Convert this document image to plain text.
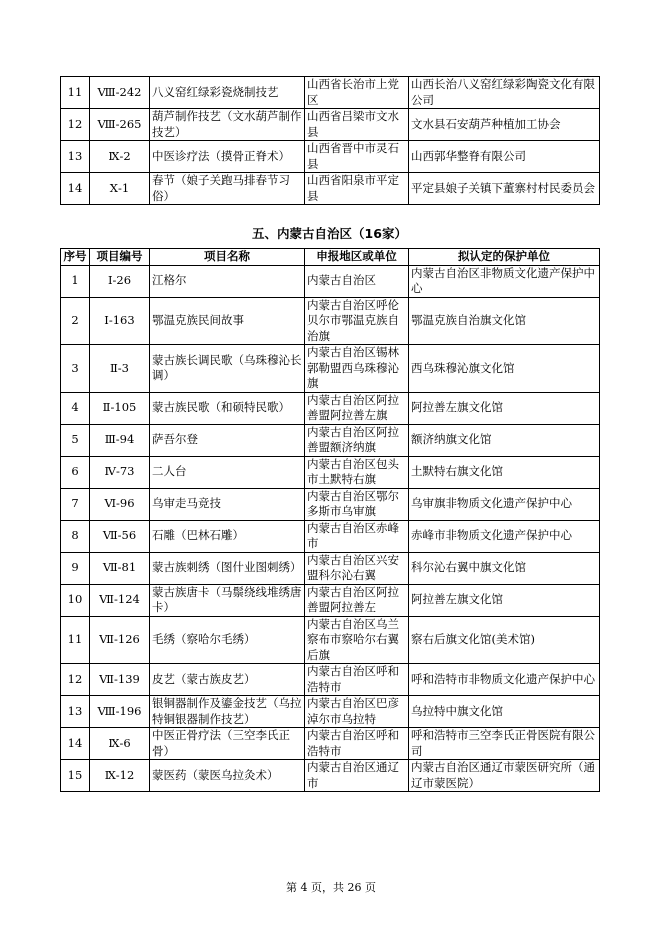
11	Ⅷ-242	八义窑红绿彩瓷烧制技艺	山西省长治市上党区	山西长治八义窑红绿彩陶瓷文化有限公司
12	Ⅷ-265	葫芦制作技艺（文水葫芦制作技艺）	山西省吕梁市文水县	文水县石安葫芦种植加工协会
13	Ⅸ-2	中医诊疗法（摸骨正脊术）	山西省晋中市灵石县	山西郭华整脊有限公司
14	Ⅹ-1	春节（娘子关跑马排春节习俗）	山西省阳泉市平定县	平定县娘子关镇下董寨村村民委员会
五、内蒙古自治区（16家）
序号	项目编号	项目名称	申报地区或单位	拟认定的保护单位
1	Ⅰ-26	江格尔	内蒙古自治区	内蒙古自治区非物质文化遗产保护中心
2	Ⅰ-163	鄂温克族民间故事	内蒙古自治区呼伦贝尔市鄂温克族自治旗	鄂温克族自治旗文化馆
3	Ⅱ-3	蒙古族长调民歌（乌珠穆沁长调）	内蒙古自治区锡林郭勒盟西乌珠穆沁旗	西乌珠穆沁旗文化馆
4	Ⅱ-105	蒙古族民歌（和硕特民歌）	内蒙古自治区阿拉善盟阿拉善左旗	阿拉善左旗文化馆
5	Ⅲ-94	萨吾尔登	内蒙古自治区阿拉善盟额济纳旗	额济纳旗文化馆
6	Ⅳ-73	二人台	内蒙古自治区包头市土默特右旗	土默特右旗文化馆
7	Ⅵ-96	乌审走马竞技	内蒙古自治区鄂尔多斯市乌审旗	乌审旗非物质文化遗产保护中心
8	Ⅶ-56	石雕（巴林石雕）	内蒙古自治区赤峰市	赤峰市非物质文化遗产保护中心
9	Ⅶ-81	蒙古族刺绣（图什业图刺绣）	内蒙古自治区兴安盟科尔沁右翼	科尔沁右翼中旗文化馆
10	Ⅶ-124	蒙古族唐卡（马鬃绕线堆绣唐卡）	内蒙古自治区阿拉善盟阿拉善左	阿拉善左旗文化馆
11	Ⅶ-126	毛绣（察哈尔毛绣）	内蒙古自治区乌兰察布市察哈尔右翼后旗	察右后旗文化馆(美术馆)
12	Ⅶ-139	皮艺（蒙古族皮艺）	内蒙古自治区呼和浩特市	呼和浩特市非物质文化遗产保护中心
13	Ⅷ-196	银铜器制作及鎏金技艺（乌拉特铜银器制作技艺）	内蒙古自治区巴彦淖尔市乌拉特	乌拉特中旗文化馆
14	Ⅸ-6	中医正骨疗法（三空李氏正骨）	内蒙古自治区呼和浩特市	呼和浩特市三空李氏正骨医院有限公司
15	Ⅸ-12	蒙医药（蒙医乌拉灸术）	内蒙古自治区通辽市	内蒙古自治区通辽市蒙医研究所（通辽市蒙医院）
第 4 页，共 26 页
